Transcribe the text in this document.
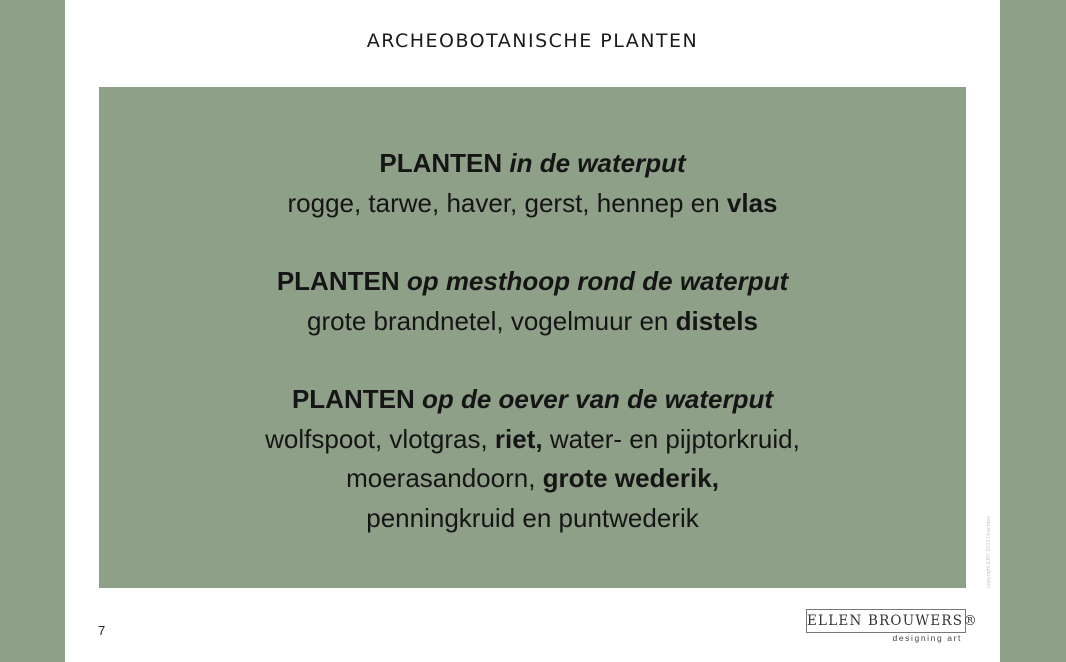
ARCHEOBOTANISCHE PLANTEN
PLANTEN in de waterput
rogge, tarwe, haver, gerst, hennep en vlas
PLANTEN op mesthoop rond de waterput
grote brandnetel, vogelmuur en distels
PLANTEN op de oever van de waterput
wolfspoot, vlotgras, riet, water- en pijptorkruid,
moerasandoorn, grote wederik,
penningkruid en puntwederik	copyright EBP 2022 Drachten
7
ELLEN BROUWERS®
designing art
